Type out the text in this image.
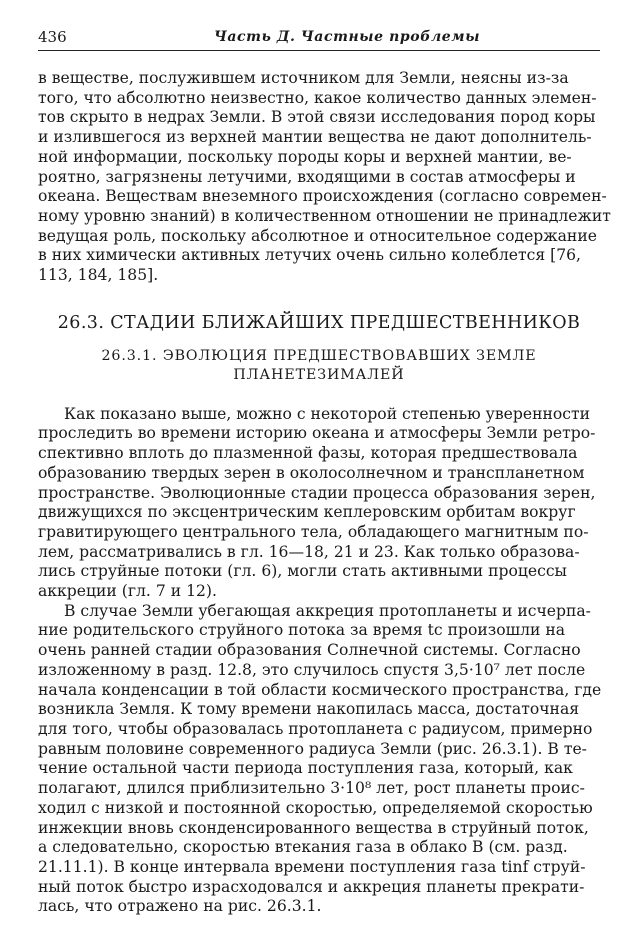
436	Часть Д. Частные проблемы
в веществе, послужившем источником для Земли, неясны из-за
того, что абсолютно неизвестно, какое количество данных элемен-
тов скрыто в недрах Земли. В этой связи исследования пород коры
и излившегося из верхней мантии вещества не дают дополнитель-
ной информации, поскольку породы коры и верхней мантии, ве-
роятно, загрязнены летучими, входящими в состав атмосферы и
океана. Веществам внеземного происхождения (согласно современ-
ному уровню знаний) в количественном отношении не принадлежит
ведущая роль, поскольку абсолютное и относительное содержание
в них химически активных летучих очень сильно колеблется [76,
113, 184, 185].
26.3. СТАДИИ БЛИЖАЙШИХ ПРЕДШЕСТВЕННИКОВ
26.3.1. ЭВОЛЮЦИЯ ПРЕДШЕСТВОВАВШИХ ЗЕМЛЕ
ПЛАНЕТЕЗИМАЛЕЙ
Как показано выше, можно с некоторой степенью уверенности
проследить во времени историю океана и атмосферы Земли ретро-
спективно вплоть до плазменной фазы, которая предшествовала
образованию твердых зерен в околосолнечном и транспланетном
пространстве. Эволюционные стадии процесса образования зерен,
движущихся по эксцентрическим кеплеровским орбитам вокруг
гравитирующего центрального тела, обладающего магнитным по-
лем, рассматривались в гл. 16—18, 21 и 23. Как только образова-
лись струйные потоки (гл. 6), могли стать активными процессы
аккреции (гл. 7 и 12).
В случае Земли убегающая аккреция протопланеты и исчерпа-
ние родительского струйного потока за время tc произошли на
очень ранней стадии образования Солнечной системы. Согласно
изложенному в разд. 12.8, это случилось спустя 3,5·10⁷ лет после
начала конденсации в той области космического пространства, где
возникла Земля. К тому времени накопилась масса, достаточная
для того, чтобы образовалась протопланета с радиусом, примерно
равным половине современного радиуса Земли (рис. 26.3.1). В те-
чение остальной части периода поступления газа, который, как
полагают, длился приблизительно 3·10⁸ лет, рост планеты проис-
ходил с низкой и постоянной скоростью, определяемой скоростью
инжекции вновь сконденсированного вещества в струйный поток,
а следовательно, скоростью втекания газа в облако B (см. разд.
21.11.1). В конце интервала времени поступления газа tinf струй-
ный поток быстро израсходовался и аккреция планеты прекрати-
лась, что отражено на рис. 26.3.1.
